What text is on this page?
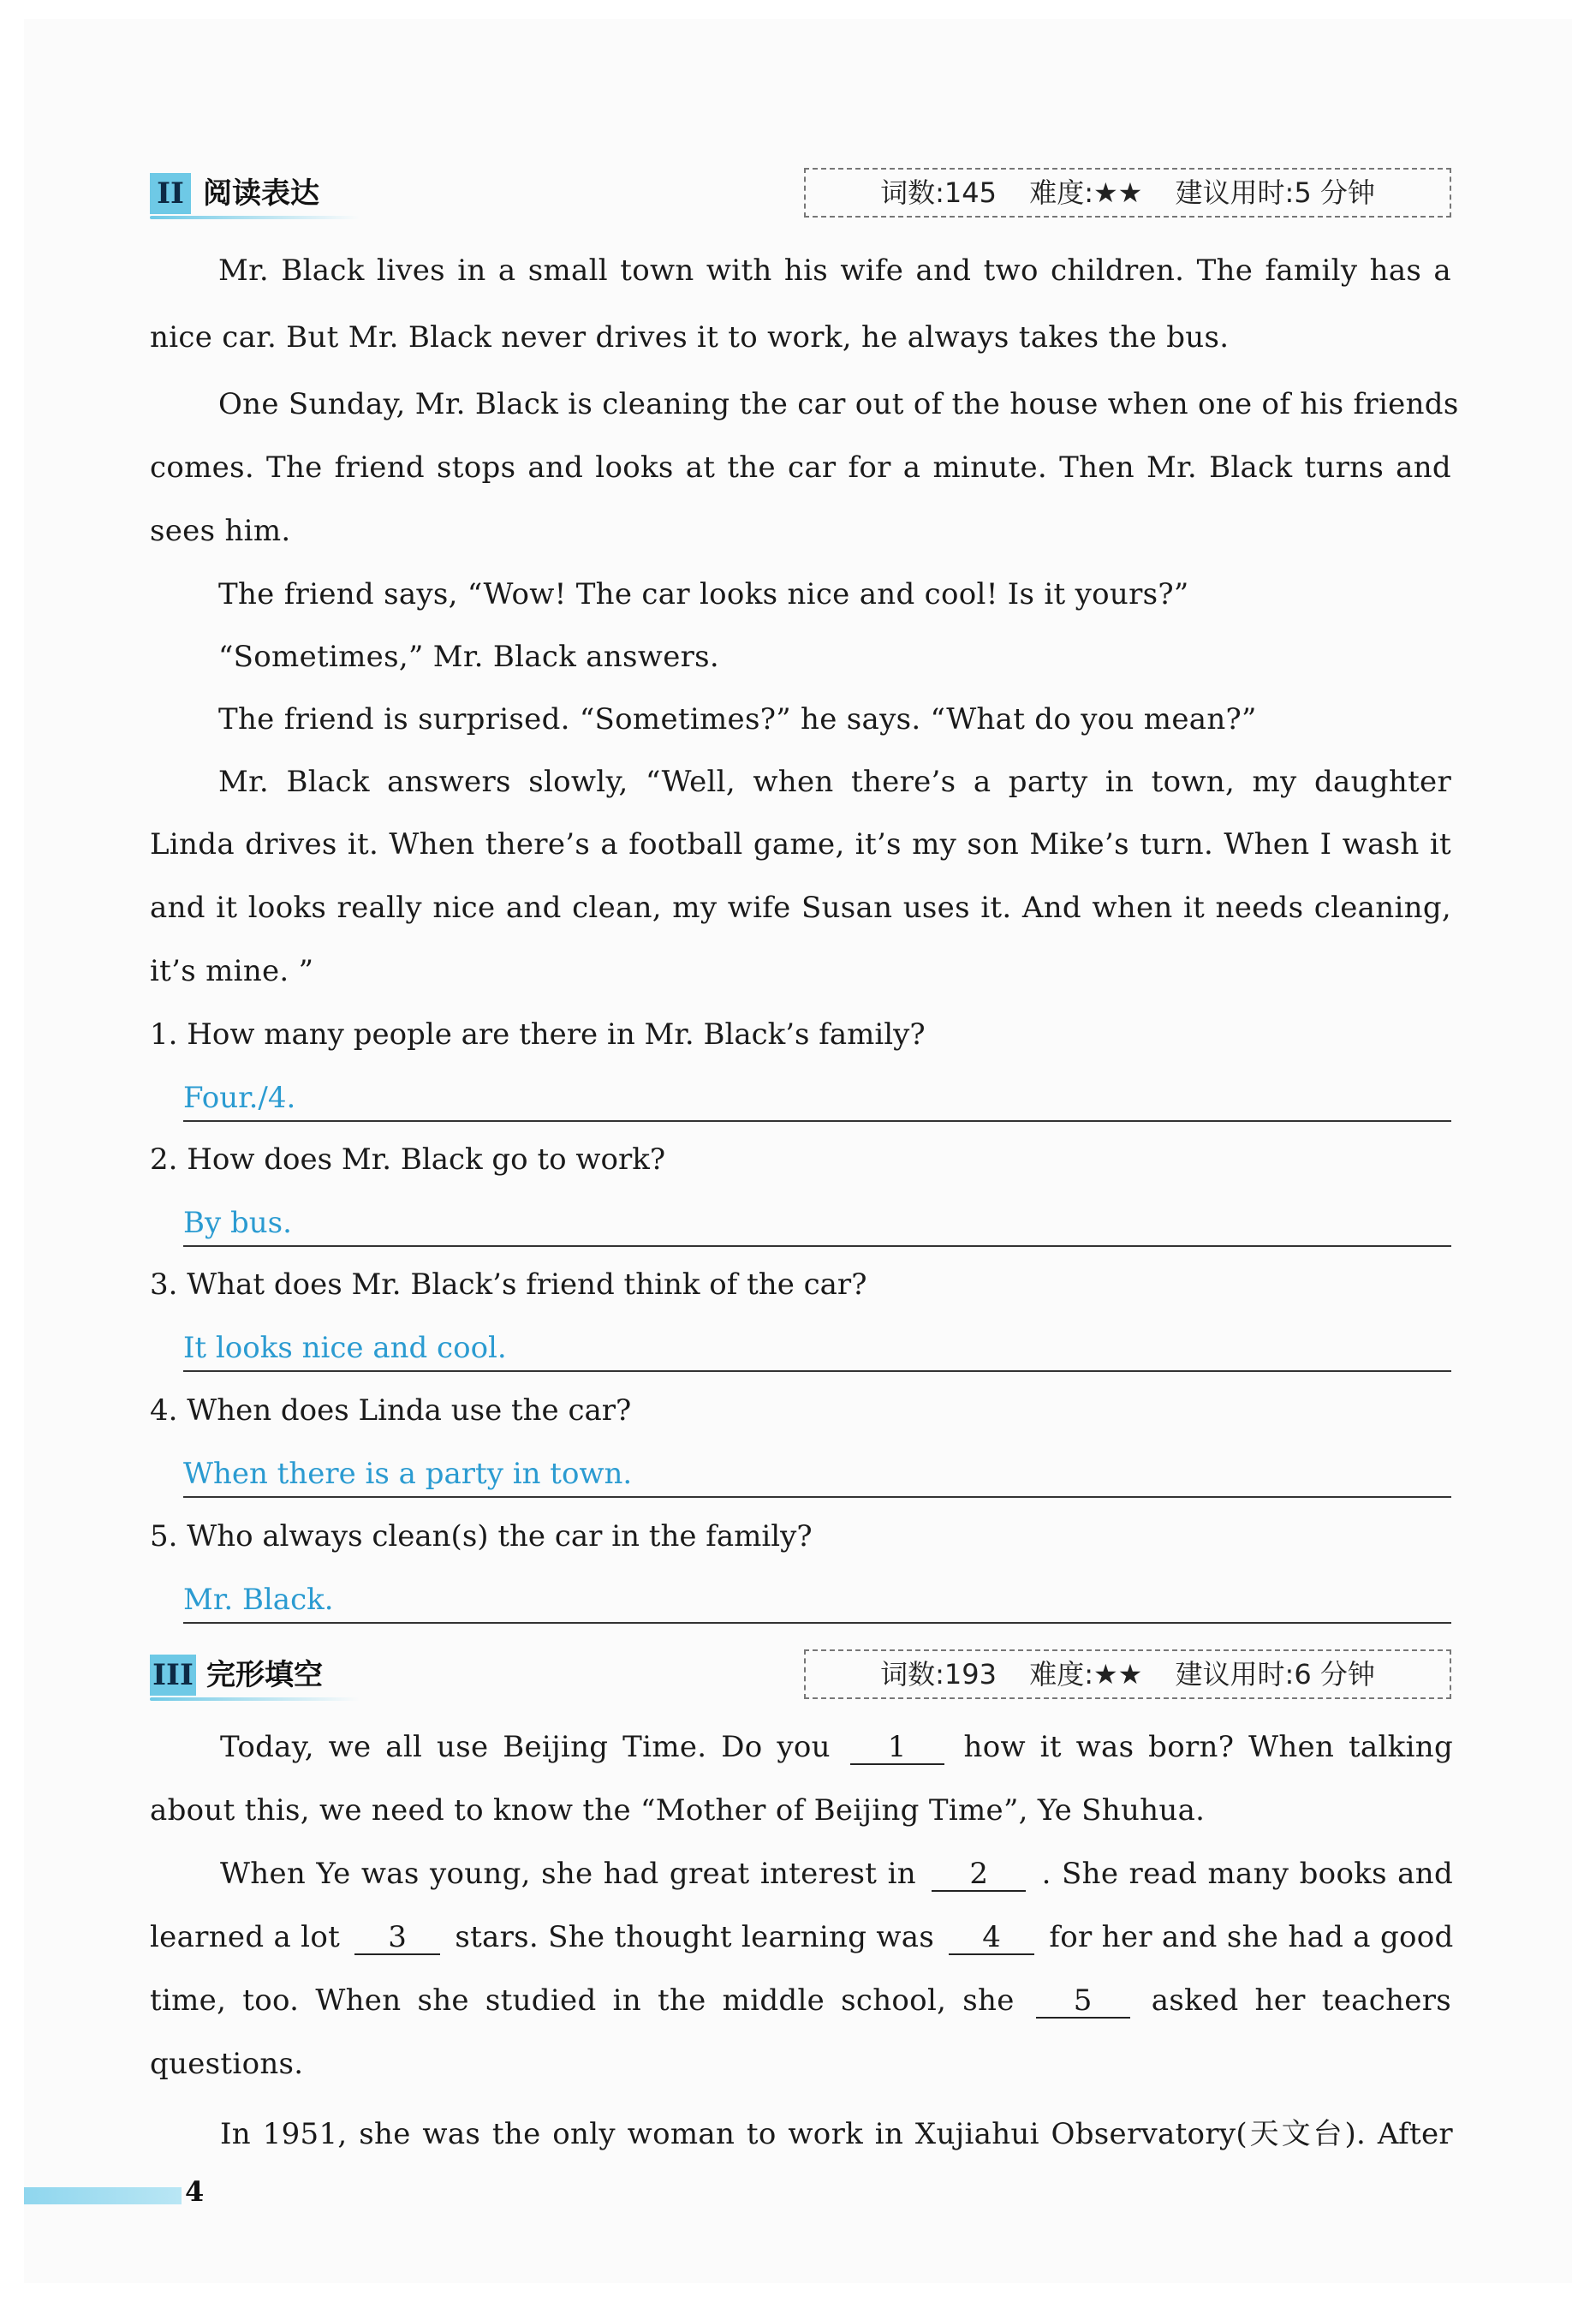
II 阅读表达	词数:145 难度:★★ 建议用时:5 分钟
Mr. Black lives in a small town with his wife and two children. The family has a
nice car. But Mr. Black never drives it to work, he always takes the bus.
One Sunday, Mr. Black is cleaning the car out of the house when one of his friends
comes. The friend stops and looks at the car for a minute. Then Mr. Black turns and
sees him.
The friend says, “Wow! The car looks nice and cool! Is it yours?”
“Sometimes,” Mr. Black answers.
The friend is surprised. “Sometimes?” he says. “What do you mean?”
Mr. Black answers slowly, “Well, when there’s a party in town, my daughter
Linda drives it. When there’s a football game, it’s my son Mike’s turn. When I wash it
and it looks really nice and clean, my wife Susan uses it. And when it needs cleaning,
it’s mine. ”
1. How many people are there in Mr. Black’s family?
Four./4.
2. How does Mr. Black go to work?
By bus.
3. What does Mr. Black’s friend think of the car?
It looks nice and cool.
4. When does Linda use the car?
When there is a party in town.
5. Who always clean(s) the car in the family?
Mr. Black.
III 完形填空	词数:193 难度:★★ 建议用时:6 分钟
Today, we all use Beijing Time. Do you 1 how it was born? When talking
about this, we need to know the “Mother of Beijing Time”, Ye Shuhua.
When Ye was young, she had great interest in 2 . She read many books and
learned a lot 3 stars. She thought learning was 4 for her and she had a good
time, too. When she studied in the middle school, she 5 asked her teachers
questions.
In 1951, she was the only woman to work in Xujiahui Observatory(天文台). After
4
